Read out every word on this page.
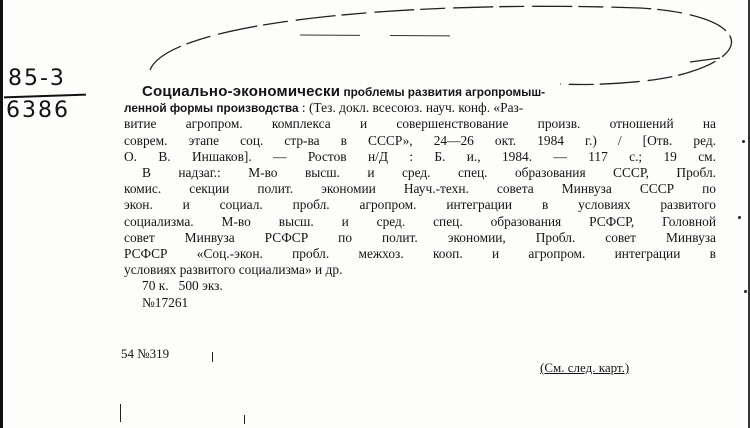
85-3
6386
Социально-экономически проблемы развития агропромыш-
ленной формы производства : (Тез. докл. всесоюз. науч. конф. «Раз-
витие агропром. комплекса и совершенствование произв. отношений на
соврем. этапе соц. стр-ва в СССР», 24—26 окт. 1984 г.) / [Отв. ред.
О. В. Иншаков]. — Ростов н/Д : Б. и., 1984. — 117 с.; 19 см.
В надзаг.: М-во высш. и сред. спец. образования СССР, Пробл.
комис. секции полит. экономии Науч.-техн. совета Минвуза СССР по
экон. и социал. пробл. агропром. интеграции в условиях развитого
социализма. М-во высш. и сред. спец. образования РСФСР, Головной
совет Минвуза РСФСР по полит. экономии, Пробл. совет Минвуза
РСФСР «Соц.-экон. пробл. межхоз. кооп. и агропром. интеграции в
условиях развитого социализма» и др.
70 к.   500 экз.
№17261
54 №319
(См. след. карт.)
